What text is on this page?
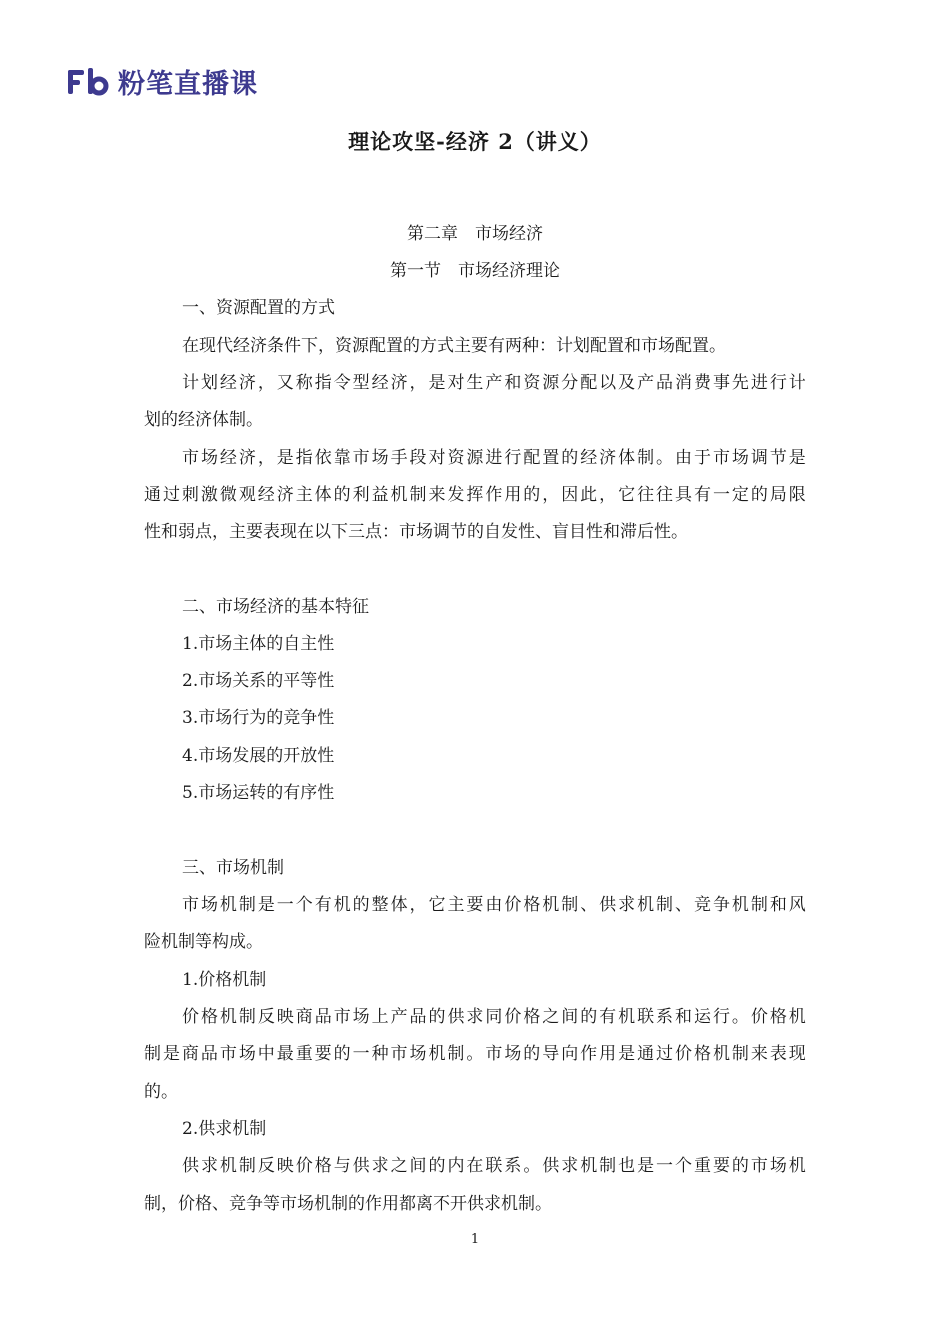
粉笔直播课
理论攻坚-经济 2（讲义）
第二章　市场经济
第一节　市场经济理论
一、资源配置的方式
在现代经济条件下，资源配置的方式主要有两种：计划配置和市场配置。
计划经济，又称指令型经济，是对生产和资源分配以及产品消费事先进行计
划的经济体制。
市场经济，是指依靠市场手段对资源进行配置的经济体制。由于市场调节是
通过刺激微观经济主体的利益机制来发挥作用的，因此，它往往具有一定的局限
性和弱点，主要表现在以下三点：市场调节的自发性、盲目性和滞后性。
二、市场经济的基本特征
1.市场主体的自主性
2.市场关系的平等性
3.市场行为的竞争性
4.市场发展的开放性
5.市场运转的有序性
三、市场机制
市场机制是一个有机的整体，它主要由价格机制、供求机制、竞争机制和风
险机制等构成。
1.价格机制
价格机制反映商品市场上产品的供求同价格之间的有机联系和运行。价格机
制是商品市场中最重要的一种市场机制。市场的导向作用是通过价格机制来表现
的。
2.供求机制
供求机制反映价格与供求之间的内在联系。供求机制也是一个重要的市场机
制，价格、竞争等市场机制的作用都离不开供求机制。
1
